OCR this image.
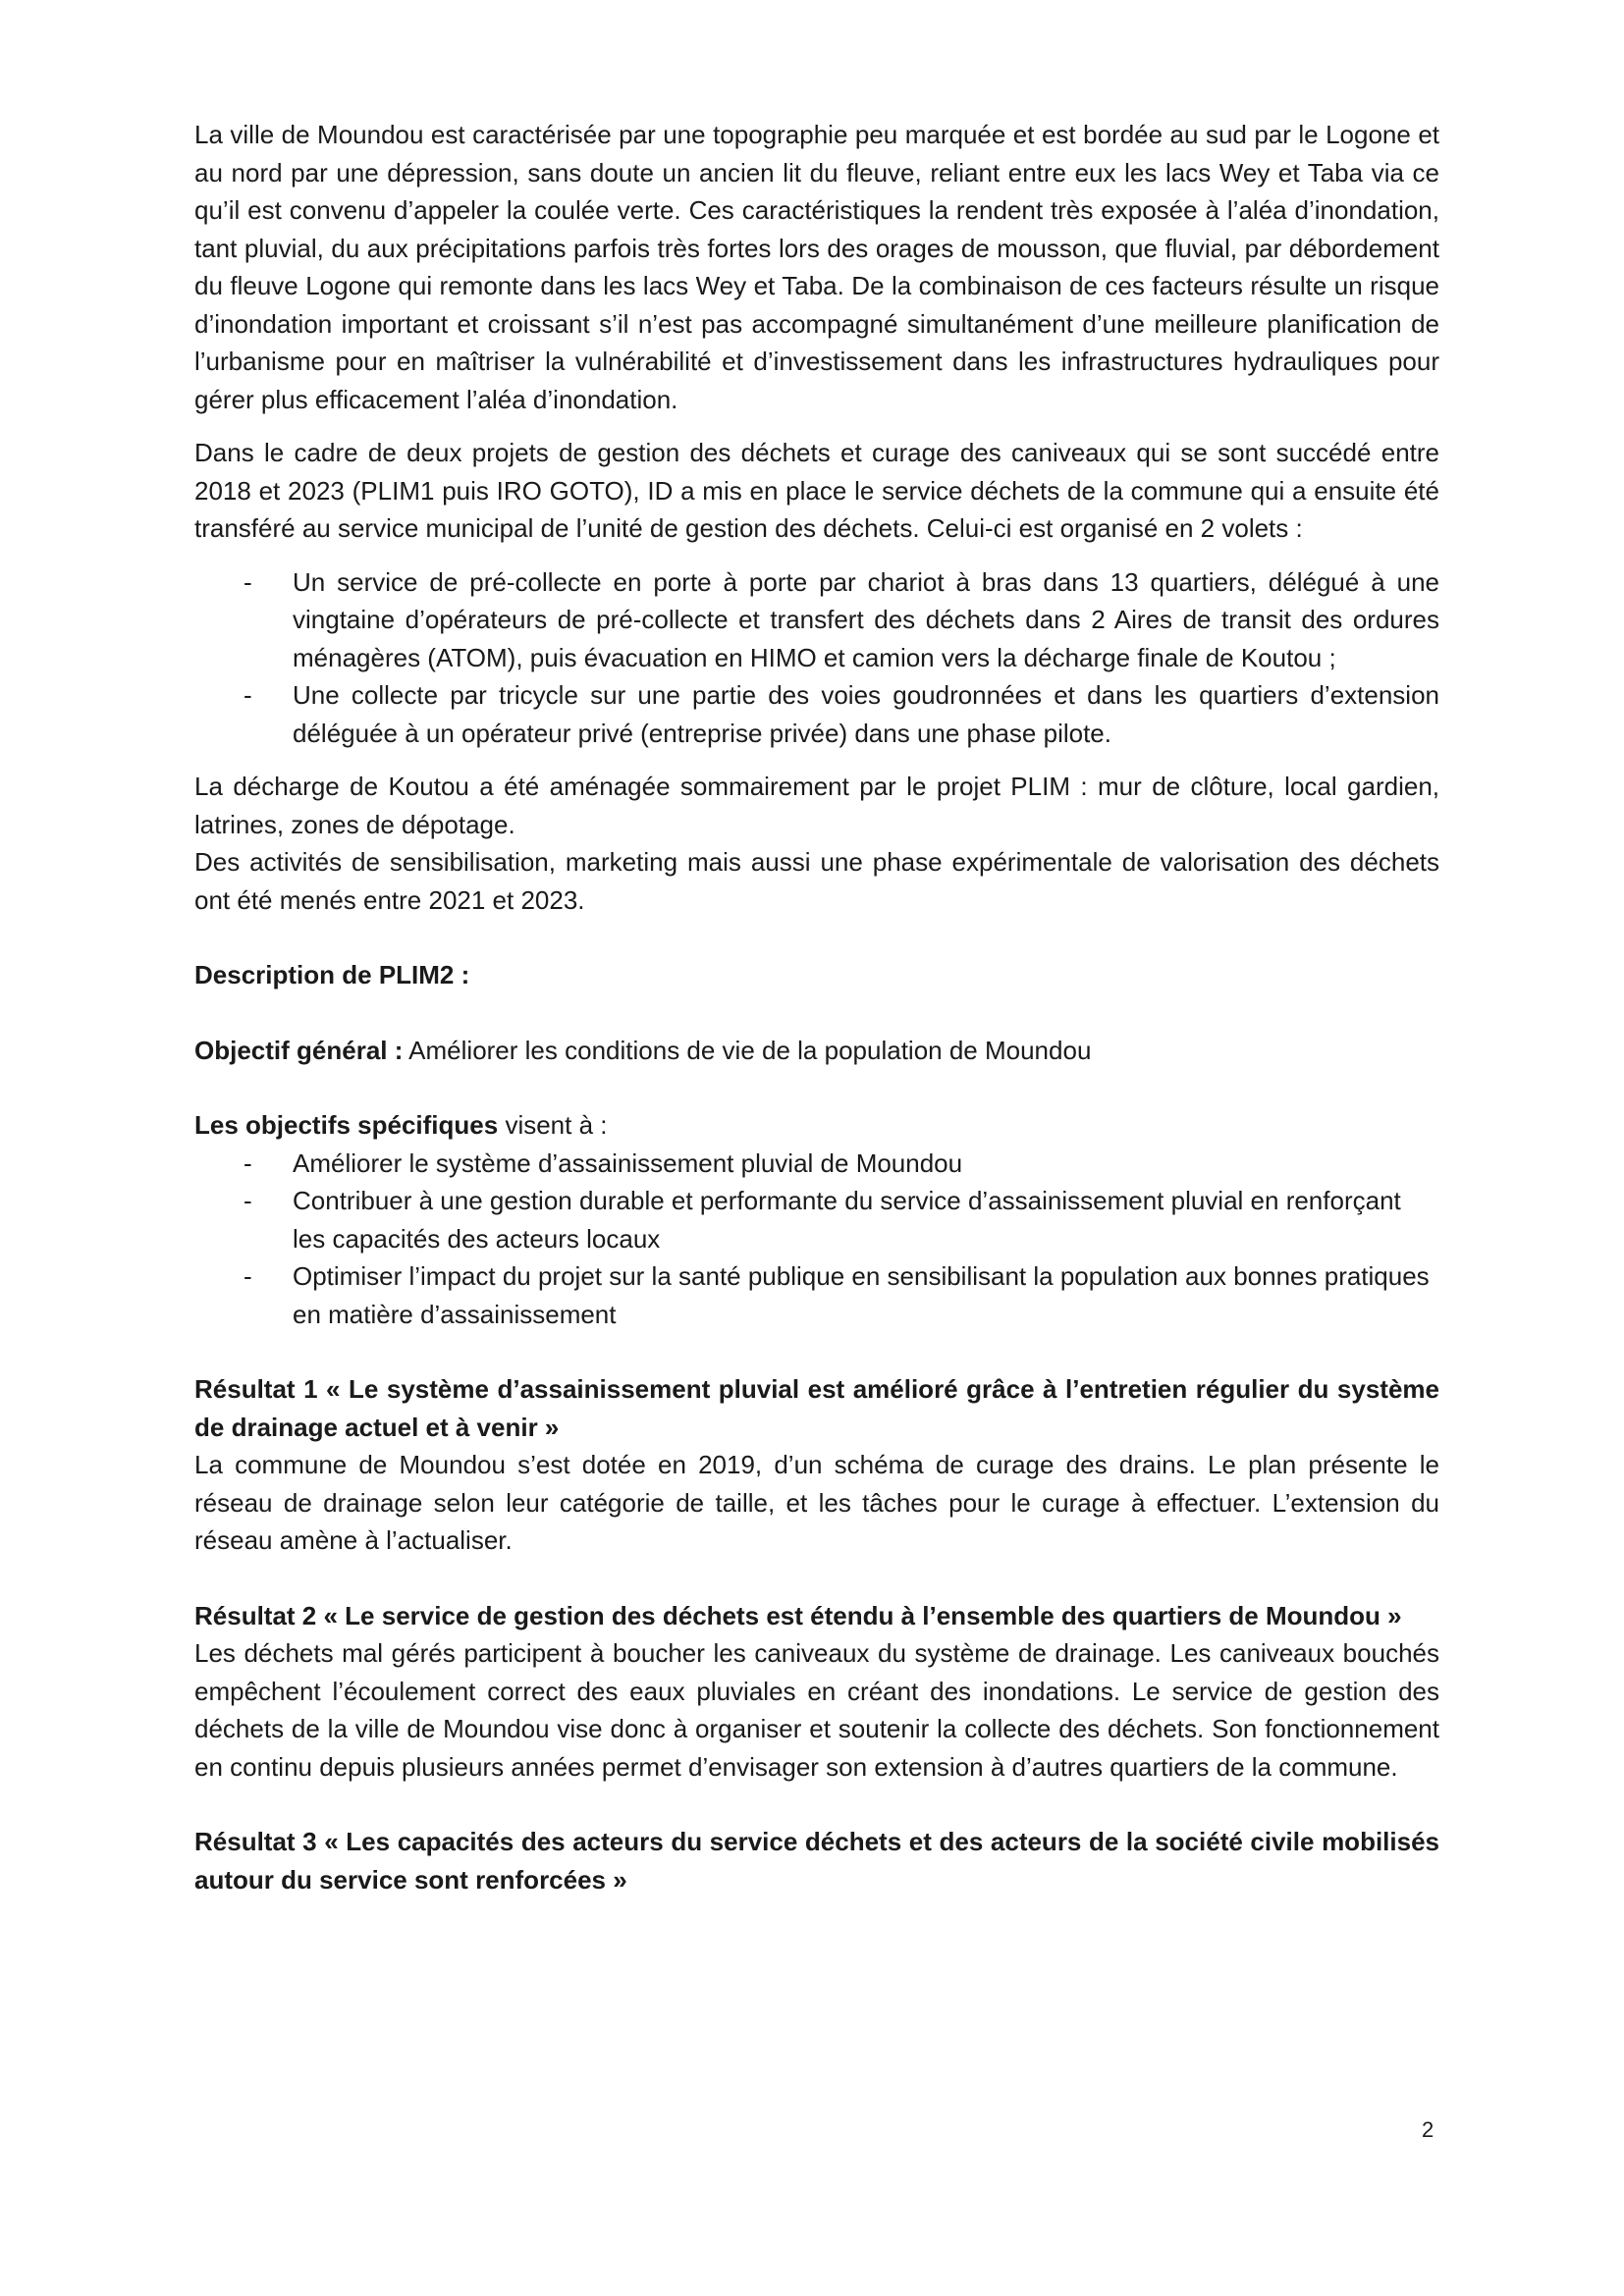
La ville de Moundou est caractérisée par une topographie peu marquée et est bordée au sud par le Logone et au nord par une dépression, sans doute un ancien lit du fleuve, reliant entre eux les lacs Wey et Taba via ce qu’il est convenu d’appeler la coulée verte. Ces caractéristiques la rendent très exposée à l’aléa d’inondation, tant pluvial, du aux précipitations parfois très fortes lors des orages de mousson, que fluvial, par débordement du fleuve Logone qui remonte dans les lacs Wey et Taba. De la combinaison de ces facteurs résulte un risque d’inondation important et croissant s’il n’est pas accompagné simultanément d’une meilleure planification de l’urbanisme pour en maîtriser la vulnérabilité et d’investissement dans les infrastructures hydrauliques pour gérer plus efficacement l’aléa d’inondation.

Dans le cadre de deux projets de gestion des déchets et curage des caniveaux qui se sont succédé entre 2018 et 2023 (PLIM1 puis IRO GOTO), ID a mis en place le service déchets de la commune qui a ensuite été transféré au service municipal de l’unité de gestion des déchets. Celui-ci est organisé en 2 volets :

- Un service de pré-collecte en porte à porte par chariot à bras dans 13 quartiers, délégué à une vingtaine d’opérateurs de pré-collecte et transfert des déchets dans 2 Aires de transit des ordures ménagères (ATOM), puis évacuation en HIMO et camion vers la décharge finale de Koutou ;
- Une collecte par tricycle sur une partie des voies goudronnées et dans les quartiers d’extension déléguée à un opérateur privé (entreprise privée) dans une phase pilote.

La décharge de Koutou a été aménagée sommairement par le projet PLIM : mur de clôture, local gardien, latrines, zones de dépotage.

Des activités de sensibilisation, marketing mais aussi une phase expérimentale de valorisation des déchets ont été menés entre 2021 et 2023.

Description de PLIM2 :

Objectif général : Améliorer les conditions de vie de la population de Moundou

Les objectifs spécifiques visent à :

- Améliorer le système d’assainissement pluvial de Moundou
- Contribuer à une gestion durable et performante du service d’assainissement pluvial en renforçant les capacités des acteurs locaux
- Optimiser l’impact du projet sur la santé publique en sensibilisant la population aux bonnes pratiques en matière d’assainissement

Résultat 1 « Le système d’assainissement pluvial est amélioré grâce à l’entretien régulier du système de drainage actuel et à venir »

La commune de Moundou s’est dotée en 2019, d’un schéma de curage des drains. Le plan présente le réseau de drainage selon leur catégorie de taille, et les tâches pour le curage à effectuer. L’extension du réseau amène à l’actualiser.

Résultat 2 « Le service de gestion des déchets est étendu à l’ensemble des quartiers de Moundou »

Les déchets mal gérés participent à boucher les caniveaux du système de drainage. Les caniveaux bouchés empêchent l’écoulement correct des eaux pluviales en créant des inondations. Le service de gestion des déchets de la ville de Moundou vise donc à organiser et soutenir la collecte des déchets. Son fonctionnement en continu depuis plusieurs années permet d’envisager son extension à d’autres quartiers de la commune.

Résultat 3 « Les capacités des acteurs du service déchets et des acteurs de la société civile mobilisés autour du service sont renforcées »

2
